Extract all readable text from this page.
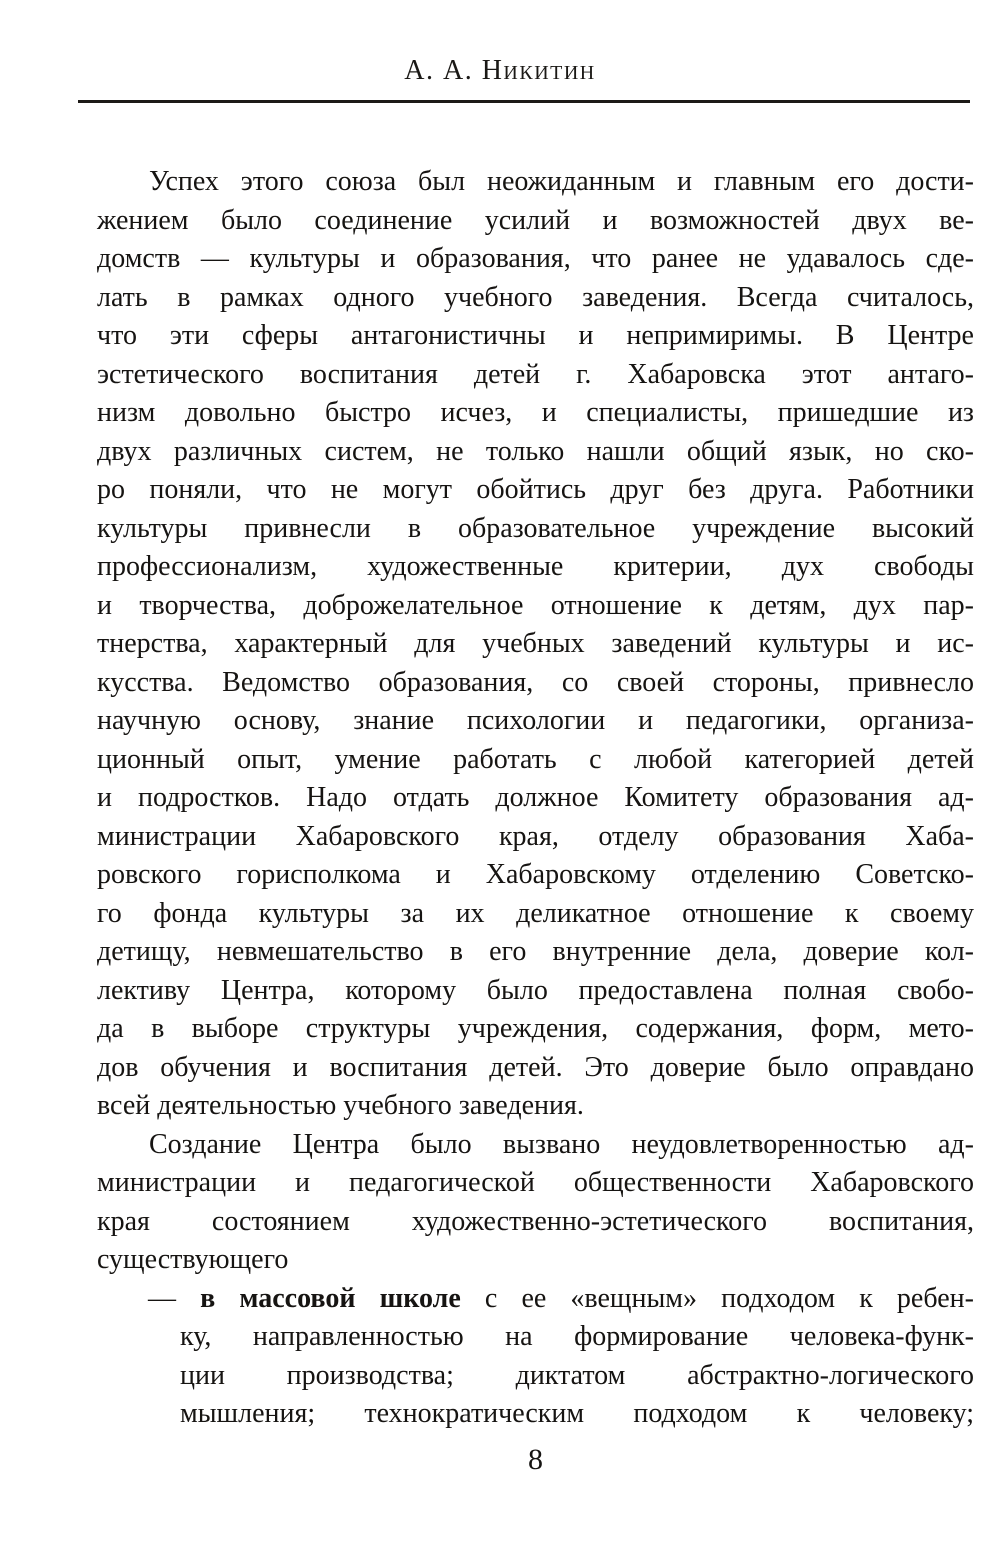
А. А. Никитин
Успех этого союза был неожиданным и главным его дости-
жением было соединение усилий и возможностей двух ве-
домств — культуры и образования, что ранее не удавалось сде-
лать в рамках одного учебного заведения. Всегда считалось,
что эти сферы антагонистичны и непримиримы. В Центре
эстетического воспитания детей г. Хабаровска этот антаго-
низм довольно быстро исчез, и специалисты, пришедшие из
двух различных систем, не только нашли общий язык, но ско-
ро поняли, что не могут обойтись друг без друга. Работники
культуры привнесли в образовательное учреждение высокий
профессионализм, художественные критерии, дух свободы
и творчества, доброжелательное отношение к детям, дух пар-
тнерства, характерный для учебных заведений культуры и ис-
кусства. Ведомство образования, со своей стороны, привнесло
научную основу, знание психологии и педагогики, организа-
ционный опыт, умение работать с любой категорией детей
и подростков. Надо отдать должное Комитету образования ад-
министрации Хабаровского края, отделу образования Хаба-
ровского горисполкома и Хабаровскому отделению Советско-
го фонда культуры за их деликатное отношение к своему
детищу, невмешательство в его внутренние дела, доверие кол-
лективу Центра, которому было предоставлена полная свобо-
да в выборе структуры учреждения, содержания, форм, мето-
дов обучения и воспитания детей. Это доверие было оправдано
всей деятельностью учебного заведения.
Создание Центра было вызвано неудовлетворенностью ад-
министрации и педагогической общественности Хабаровского
края состоянием художественно-эстетического воспитания,
существующего
— в массовой школе с ее «вещным» подходом к ребен-
ку, направленностью на формирование человека-функ-
ции производства; диктатом абстрактно-логического
мышления; технократическим подходом к человеку;
8
